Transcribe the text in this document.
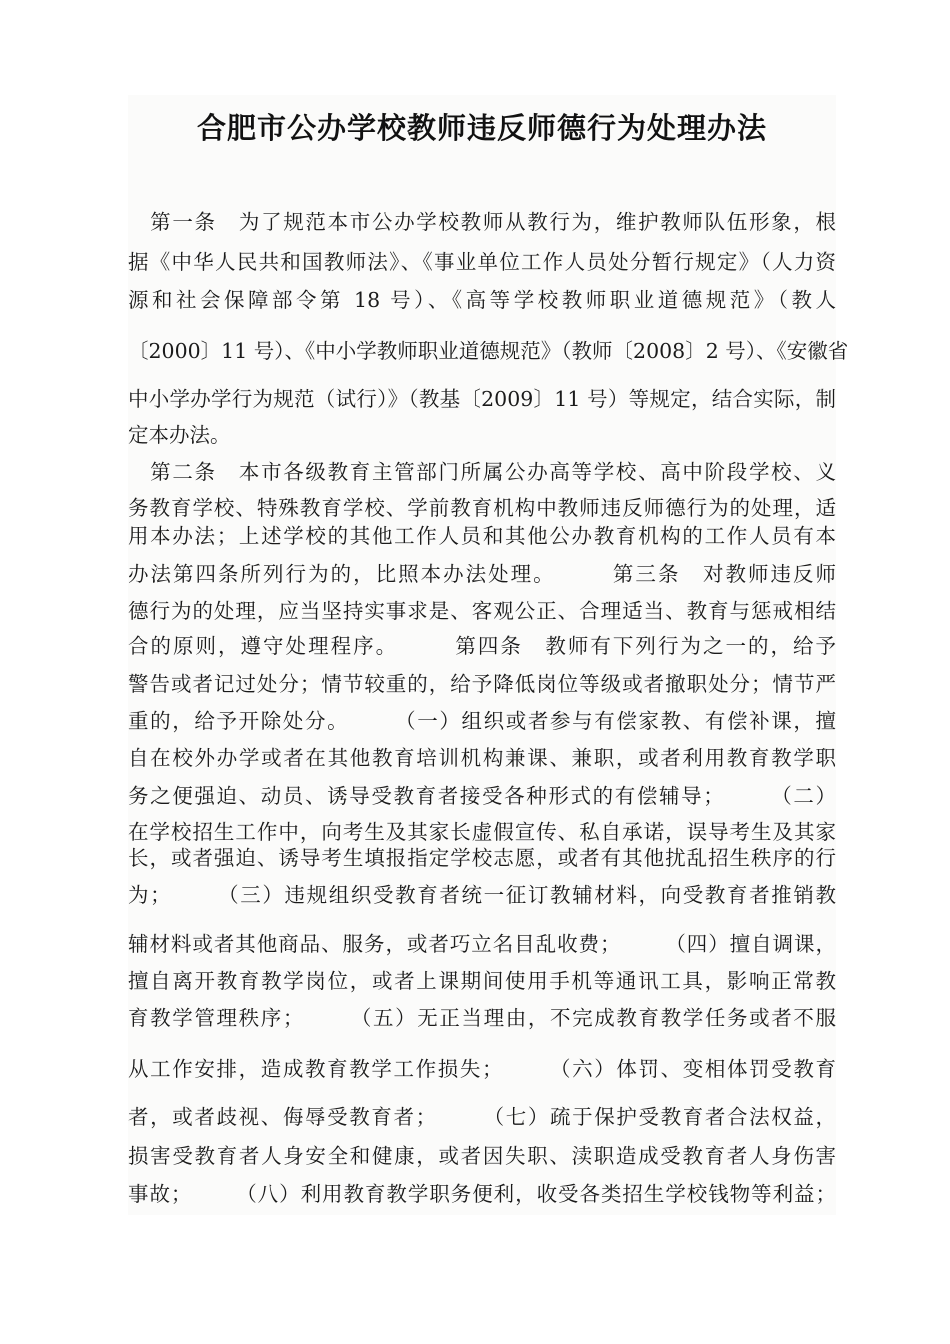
合肥市公办学校教师违反师德行为处理办法

　第一条　为了规范本市公办学校教师从教行为，维护教师队伍形象，根

据《中华人民共和国教师法》、《事业单位工作人员处分暂行规定》（人力资

源和社会保障部令第 18 号）、《高等学校教师职业道德规范》（教人

〔2000〕11 号）、《中小学教师职业道德规范》（教师〔2008〕2 号）、《安徽省

中小学办学行为规范（试行）》（教基〔2009〕11 号）等规定，结合实际，制

定本办法。

　第二条　本市各级教育主管部门所属公办高等学校、高中阶段学校、义

务教育学校、特殊教育学校、学前教育机构中教师违反师德行为的处理，适

用本办法；上述学校的其他工作人员和其他公办教育机构的工作人员有本

办法第四条所列行为的，比照本办法处理。　　　第三条　对教师违反师

德行为的处理，应当坚持实事求是、客观公正、合理适当、教育与惩戒相结

合的原则，遵守处理程序。　　　第四条　教师有下列行为之一的，给予

警告或者记过处分；情节较重的，给予降低岗位等级或者撤职处分；情节严

重的，给予开除处分。　　　（一）组织或者参与有偿家教、有偿补课，擅

自在校外办学或者在其他教育培训机构兼课、兼职，或者利用教育教学职

务之便强迫、动员、诱导受教育者接受各种形式的有偿辅导；　　　（二）

在学校招生工作中，向考生及其家长虚假宣传、私自承诺，误导考生及其家

长，或者强迫、诱导考生填报指定学校志愿，或者有其他扰乱招生秩序的行

为；　　　（三）违规组织受教育者统一征订教辅材料，向受教育者推销教

辅材料或者其他商品、服务，或者巧立名目乱收费；　　　（四）擅自调课，

擅自离开教育教学岗位，或者上课期间使用手机等通讯工具，影响正常教

育教学管理秩序；　　　（五）无正当理由，不完成教育教学任务或者不服

从工作安排，造成教育教学工作损失；　　　（六）体罚、变相体罚受教育

者，或者歧视、侮辱受教育者；　　　（七）疏于保护受教育者合法权益，

损害受教育者人身安全和健康，或者因失职、渎职造成受教育者人身伤害

事故；　　　（八）利用教育教学职务便利，收受各类招生学校钱物等利益；
